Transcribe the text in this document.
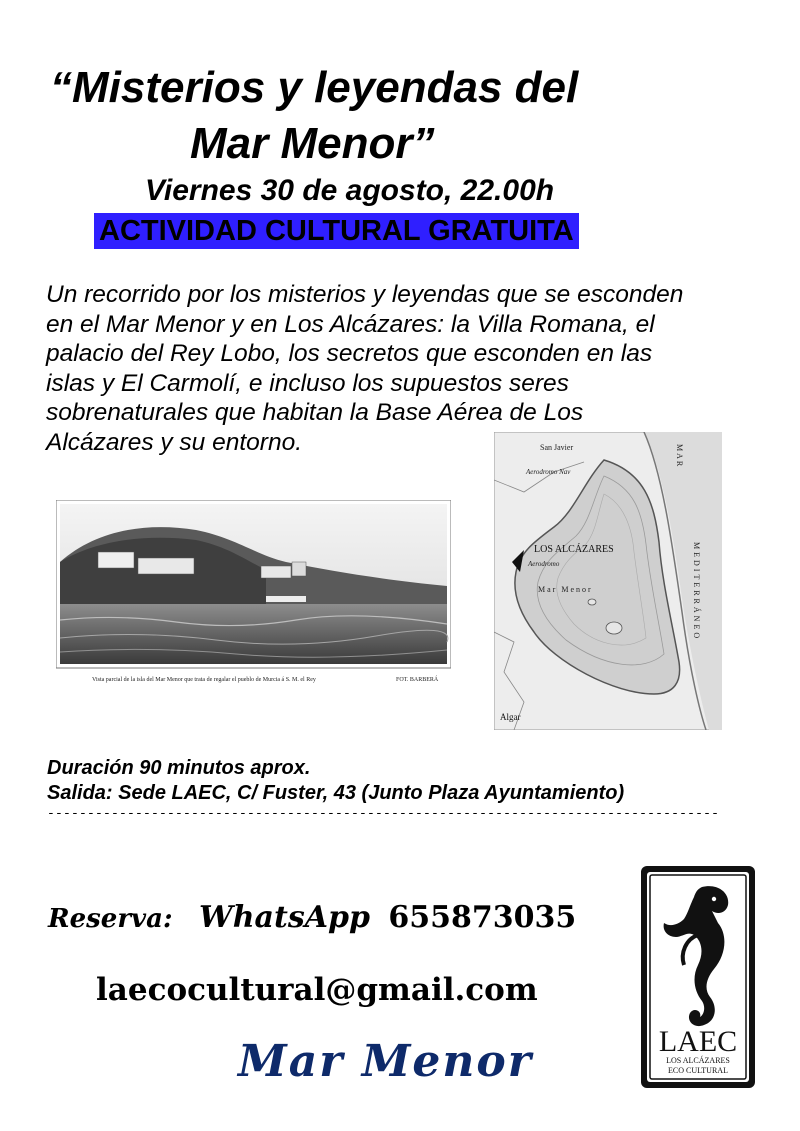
“Misterios y leyendas del
Mar Menor”
Viernes 30 de agosto, 22.00h
ACTIVIDAD CULTURAL GRATUITA
Un recorrido por los misterios y leyendas que se esconden
en el Mar Menor y en Los Alcázares: la Villa Romana, el
palacio del Rey Lobo, los secretos que esconden en las
islas y El Carmolí, e incluso los supuestos seres
sobrenaturales que habitan la Base Aérea de Los
Alcázares y su entorno.
Vista parcial de la isla del Mar Menor que trata de regalar el pueblo de Murcia á S. M. el Rey	FOT. BARBERÁ
San Javier
Aerodromo Nav
LOS ALCÁZARES
Aerodromo
Mar Menor
MAR
MEDITERRÁNEO
Algar
Duración 90 minutos aprox.
Salida: Sede LAEC, C/ Fuster, 43 (Junto Plaza Ayuntamiento)
------------------------------------------------------------------------------------
Reserva: WhatsApp 655873035
laecocultural@gmail.com
Mar Menor	LAEC
LOS ALCÁZARES
ECO CULTURAL
